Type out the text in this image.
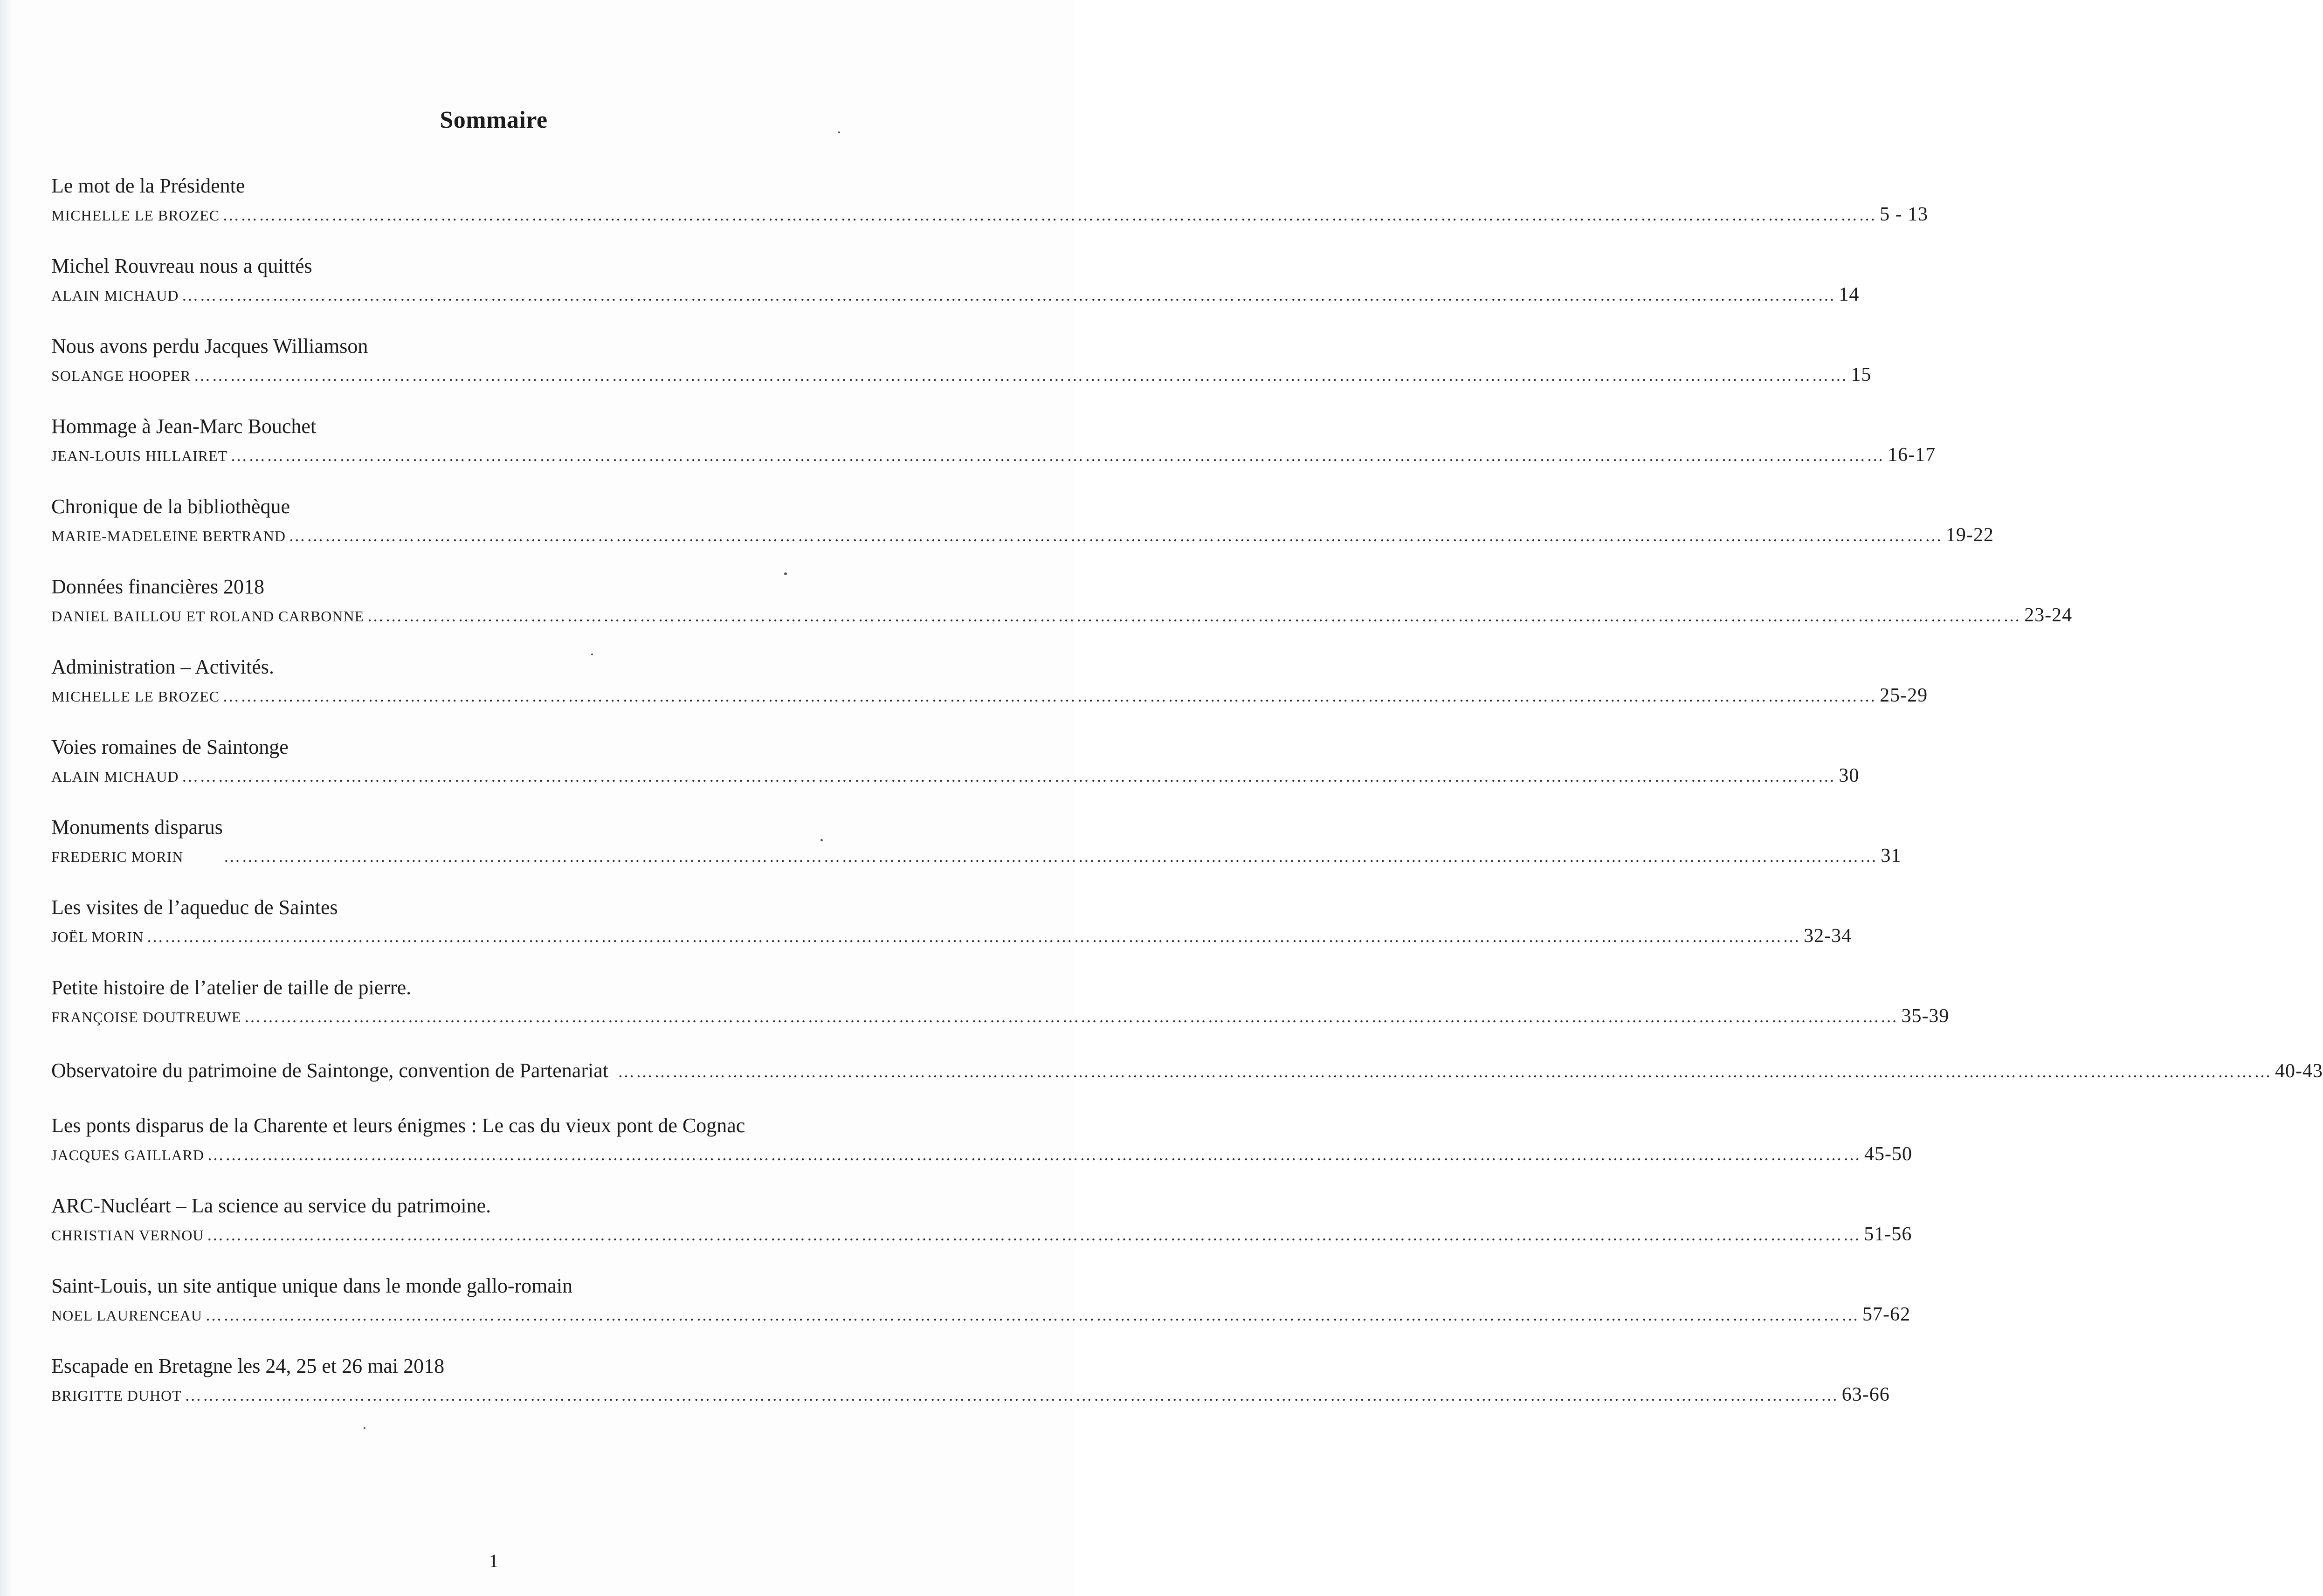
Sommaire
Le mot de la Présidente
MICHELLE LE BROZEC ………………………………………………………………………………………………………………………………………………………………………………………………………………………………………………… 5 - 13
Michel Rouvreau nous a quittés
ALAIN MICHAUD ………………………………………………………………………………………………………………………………………………………………………………………………………………………………………………… 14
Nous avons perdu Jacques Williamson
SOLANGE HOOPER ………………………………………………………………………………………………………………………………………………………………………………………………………………………………………………… 15
Hommage à Jean-Marc Bouchet
JEAN-LOUIS HILLAIRET ………………………………………………………………………………………………………………………………………………………………………………………………………………………………………………… 16-17
Chronique de la bibliothèque
MARIE-MADELEINE BERTRAND ………………………………………………………………………………………………………………………………………………………………………………………………………………………………………………… 19-22
Données financières 2018
DANIEL BAILLOU ET ROLAND CARBONNE ………………………………………………………………………………………………………………………………………………………………………………………………………………………………………………… 23-24
Administration – Activités.
MICHELLE LE BROZEC ………………………………………………………………………………………………………………………………………………………………………………………………………………………………………………… 25-29
Voies romaines de Saintonge
ALAIN MICHAUD ………………………………………………………………………………………………………………………………………………………………………………………………………………………………………………… 30
Monuments disparus
FREDERIC MORIN ………………………………………………………………………………………………………………………………………………………………………………………………………………………………………………… 31
Les visites de l’aqueduc de Saintes
JOËL MORIN ………………………………………………………………………………………………………………………………………………………………………………………………………………………………………………… 32-34
Petite histoire de l’atelier de taille de pierre.
FRANÇOISE DOUTREUWE ………………………………………………………………………………………………………………………………………………………………………………………………………………………………………………… 35-39
Observatoire du patrimoine de Saintonge, convention de Partenariat ………………………………………………………………………………………………………………………………………………………………………………………………………………………………………………… 40-43
Les ponts disparus de la Charente et leurs énigmes : Le cas du vieux pont de Cognac
JACQUES GAILLARD ………………………………………………………………………………………………………………………………………………………………………………………………………………………………………………… 45-50
ARC-Nucléart – La science au service du patrimoine.
CHRISTIAN VERNOU ………………………………………………………………………………………………………………………………………………………………………………………………………………………………………………… 51-56
Saint-Louis, un site antique unique dans le monde gallo-romain
NOEL LAURENCEAU ………………………………………………………………………………………………………………………………………………………………………………………………………………………………………………… 57-62
Escapade en Bretagne les 24, 25 et 26 mai 2018
BRIGITTE DUHOT ………………………………………………………………………………………………………………………………………………………………………………………………………………………………………………… 63-66
1
